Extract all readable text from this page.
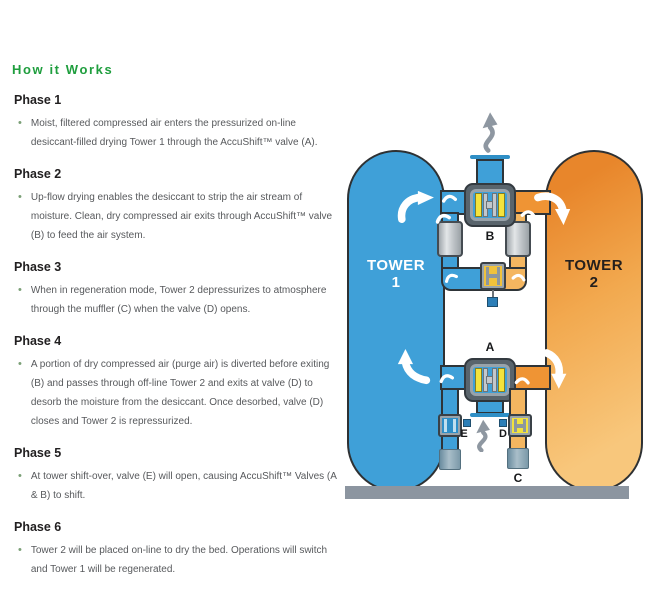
How it Works
Phase 1
• Moist, filtered compressed air enters the pressurized on-line desiccant-filled drying Tower 1 through the AccuShift™ valve (A).
Phase 2
• Up-flow drying enables the desiccant to strip the air stream of moisture. Clean, dry compressed air exits through AccuShift™ valve (B) to feed the air system.
Phase 3
• When in regeneration mode, Tower 2 depressurizes to atmosphere through the muffler (C) when the valve (D) opens.
Phase 4
• A portion of dry compressed air (purge air) is diverted before exiting (B) and passes through off-line Tower 2 and exits at valve (D) to desorb the moisture from the desiccant. Once desorbed, valve (D) closes and Tower 2 is repressurized.
Phase 5
• At tower shift-over, valve (E) will open, causing AccuShift™ Valves (A & B) to shift.
Phase 6
• Tower 2 will be placed on-line to dry the bed. Operations will switch and Tower 1 will be regenerated.
TOWER
1
TOWER
2
B
A
E	D
C
